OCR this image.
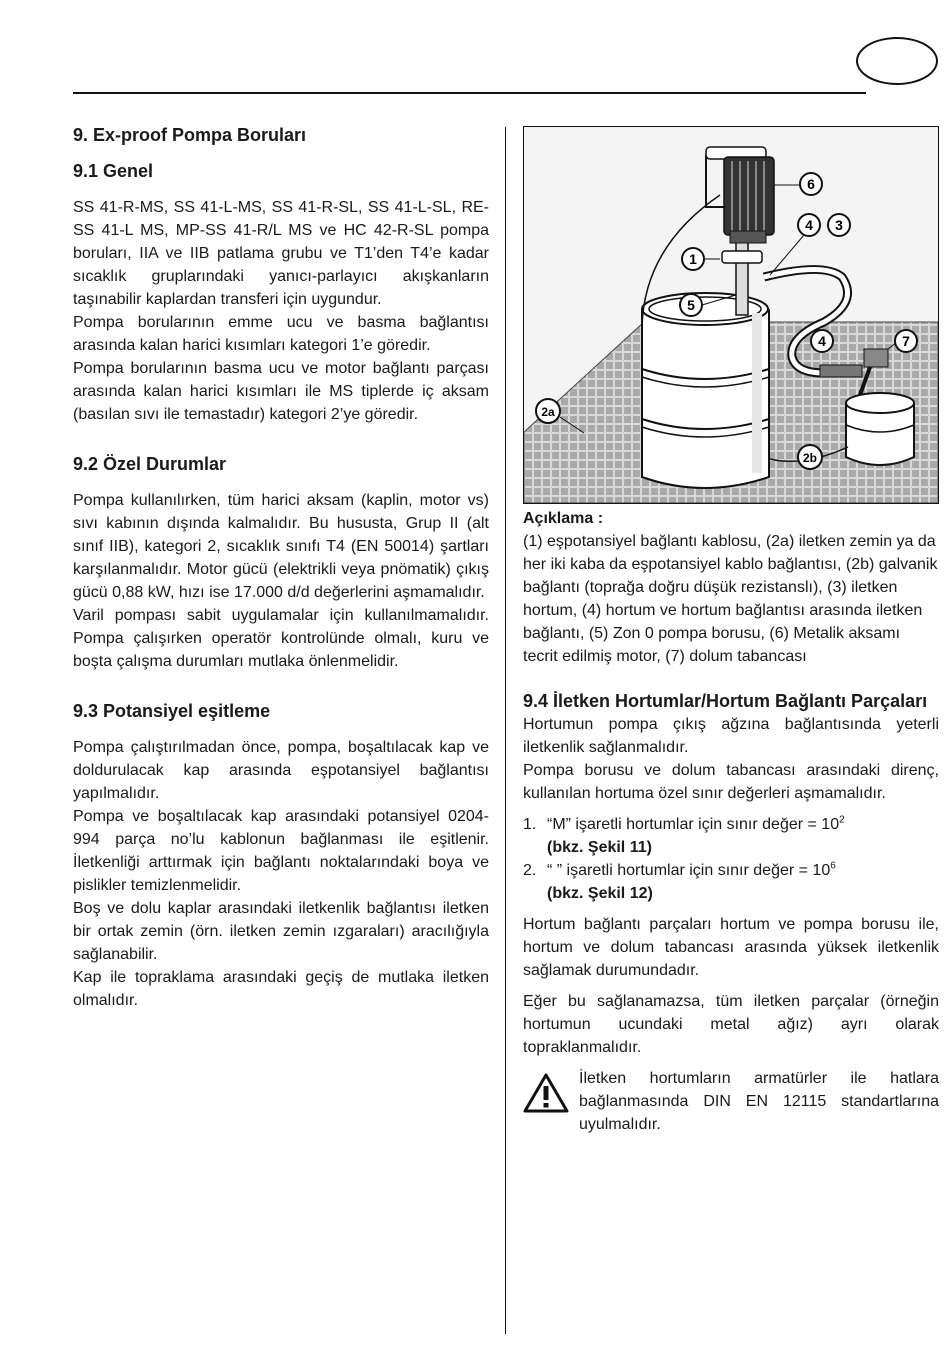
9. Ex-proof Pompa Boruları
9.1 Genel

SS 41-R-MS, SS 41-L-MS, SS 41-R-SL, SS 41-L-SL, RE-SS 41-L MS, MP-SS 41-R/L MS ve HC 42-R-SL pompa boruları, IIA ve IIB patlama grubu ve T1’den T4’e kadar sıcaklık gruplarındaki yanıcı-parlayıcı akışkanların taşınabilir kaplardan transferi için uygundur.

Pompa borularının emme ucu ve basma bağlantısı arasında kalan harici kısımları kategori 1’e göredir.

Pompa borularının basma ucu ve motor bağlantı parçası arasında kalan harici kısımları ile MS tiplerde iç aksam (basılan sıvı ile temastadır) kategori 2’ye göredir.

9.2 Özel Durumlar

Pompa kullanılırken, tüm harici aksam (kaplin, motor vs) sıvı kabının dışında kalmalıdır. Bu hususta, Grup II (alt sınıf IIB), kategori 2, sıcaklık sınıfı T4 (EN 50014) şartları karşılanmalıdır. Motor gücü (elektrikli veya pnömatik) çıkış gücü 0,88 kW, hızı ise 17.000 d/d değerlerini aşmamalıdır.

Varil pompası sabit uygulamalar için kullanılmamalıdır. Pompa çalışırken operatör kontrolünde olmalı, kuru ve boşta çalışma durumları mutlaka önlenmelidir.

9.3 Potansiyel eşitleme

Pompa çalıştırılmadan önce, pompa, boşaltılacak kap ve doldurulacak kap arasında eşpotansiyel bağlantısı yapılmalıdır.

Pompa ve boşaltılacak kap arasındaki potansiyel 0204-994 parça no’lu kablonun bağlanması ile eşitlenir. İletkenliği arttırmak için bağlantı noktalarındaki boya ve pislikler temizlenmelidir.

Boş ve dolu kaplar arasındaki iletkenlik bağlantısı iletken bir ortak zemin (örn. iletken zemin ızgaraları) aracılığıyla sağlanabilir.

Kap ile topraklama arasındaki geçiş de mutlaka iletken olmalıdır.

6
4 3
1
5
4	7
2a
2b

Açıklama :

(1) eşpotansiyel bağlantı kablosu, (2a) iletken zemin ya da her iki kaba da eşpotansiyel kablo bağlantısı, (2b) galvanik bağlantı (toprağa doğru düşük rezistanslı), (3) iletken hortum, (4) hortum ve hortum bağlantısı arasında iletken bağlantı, (5) Zon 0 pompa borusu, (6) Metalik aksamı tecrit edilmiş motor, (7) dolum tabancası

9.4 İletken Hortumlar/Hortum Bağlantı Parçaları

Hortumun pompa çıkış ağzına bağlantısında yeterli iletkenlik sağlanmalıdır.

Pompa borusu ve dolum tabancası arasındaki direnç, kullanılan hortuma özel sınır değerleri aşmamalıdır.

1. “M” işaretli hortumlar için sınır değer = $10^2$
(bkz. Şekil 11)
2. “ ” işaretli hortumlar için sınır değer = $10^6$
(bkz. Şekil 12)

Hortum bağlantı parçaları hortum ve pompa borusu ile, hortum ve dolum tabancası arasında yüksek iletkenlik sağlamak durumundadır.

Eğer bu sağlanamazsa, tüm iletken parçalar (örneğin hortumun ucundaki metal ağız) ayrı olarak topraklanmalıdır.

İletken hortumların armatürler ile hatlara bağlanmasında DIN EN 12115 standartlarına uyulmalıdır.
